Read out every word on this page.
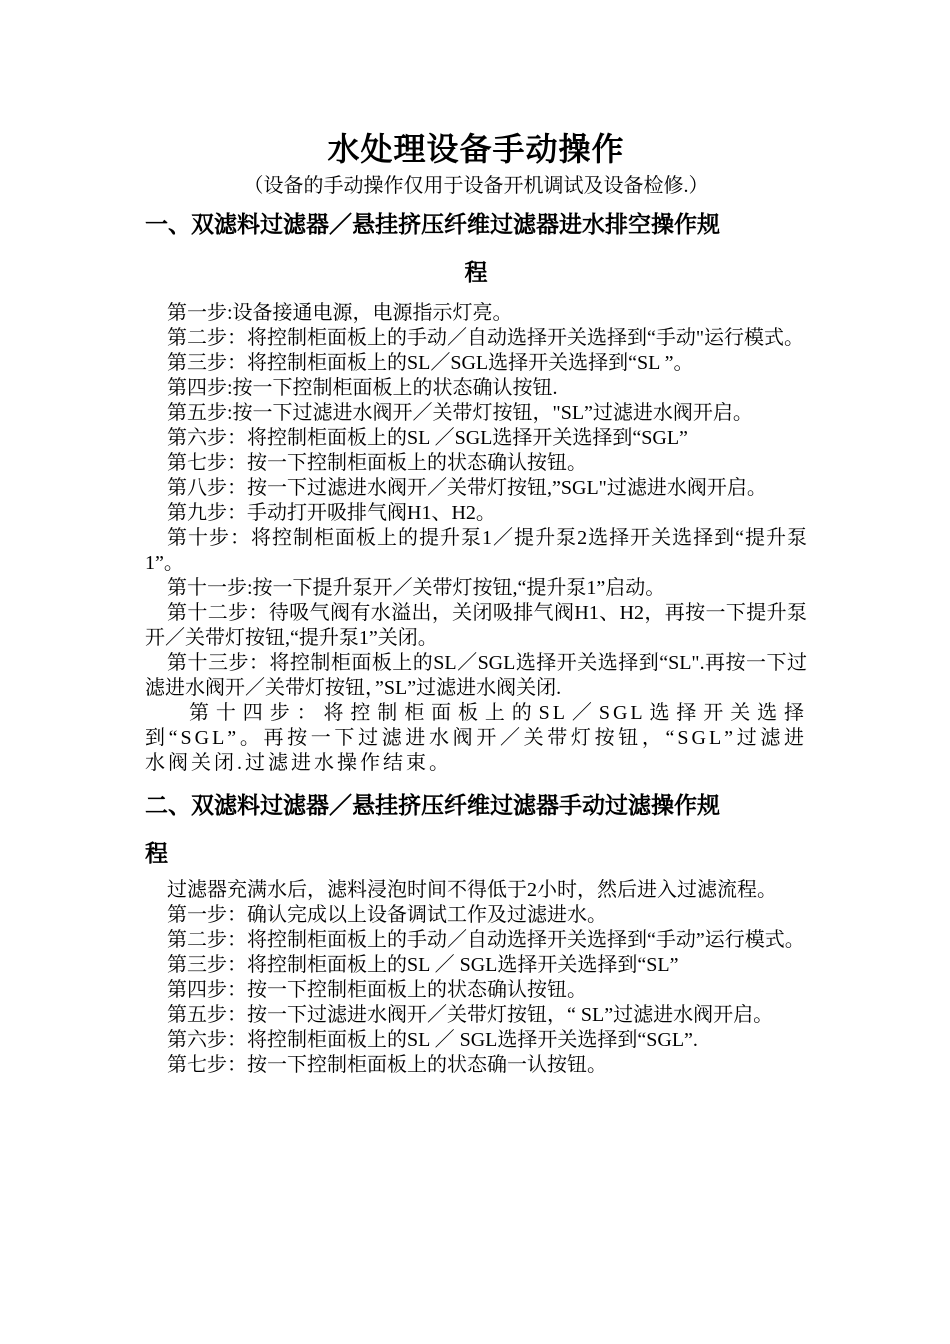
水处理设备手动操作

（设备的手动操作仅用于设备开机调试及设备检修.）

一、双滤料过滤器／悬挂挤压纤维过滤器进水排空操作规
程

第一步:设备接通电源，电源指示灯亮。

第二步：将控制柜面板上的手动／自动选择开关选择到“手动"运行模式。

第三步：将控制柜面板上的SL／SGL选择开关选择到“SL ”。

第四步:按一下控制柜面板上的状态确认按钮.

第五步:按一下过滤进水阀开／关带灯按钮，"SL”过滤进水阀开启。

第六步：将控制柜面板上的SL ／SGL选择开关选择到“SGL”

第七步：按一下控制柜面板上的状态确认按钮。

第八步：按一下过滤进水阀开／关带灯按钮,”SGL"过滤进水阀开启。

第九步：手动打开吸排气阀H1、H2。

第十步：将控制柜面板上的提升泵1／提升泵2选择开关选择到“提升泵1”。

第十一步:按一下提升泵开／关带灯按钮,“提升泵1”启动。

第十二步：待吸气阀有水溢出，关闭吸排气阀H1、H2，再按一下提升泵开／关带灯按钮,“提升泵1”关闭。

第十三步：将控制柜面板上的SL／SGL选择开关选择到“SL".再按一下过滤进水阀开／关带灯按钮，”SL”过滤进水阀关闭.

第十四步：将控制柜面板上的SL／SGL选择开关选择到“SGL”。再按一下过滤进水阀开／关带灯按钮，“SGL”过滤进水阀关闭.过滤进水操作结束。

二、双滤料过滤器／悬挂挤压纤维过滤器手动过滤操作规
程

过滤器充满水后，滤料浸泡时间不得低于2小时，然后进入过滤流程。

第一步：确认完成以上设备调试工作及过滤进水。

第二步：将控制柜面板上的手动／自动选择开关选择到“手动”运行模式。

第三步：将控制柜面板上的SL ／ SGL选择开关选择到“SL”

第四步：按一下控制柜面板上的状态确认按钮。

第五步：按一下过滤进水阀开／关带灯按钮，“ SL”过滤进水阀开启。

第六步：将控制柜面板上的SL ／ SGL选择开关选择到“SGL”.

第七步：按一下控制柜面板上的状态确一认按钮。
